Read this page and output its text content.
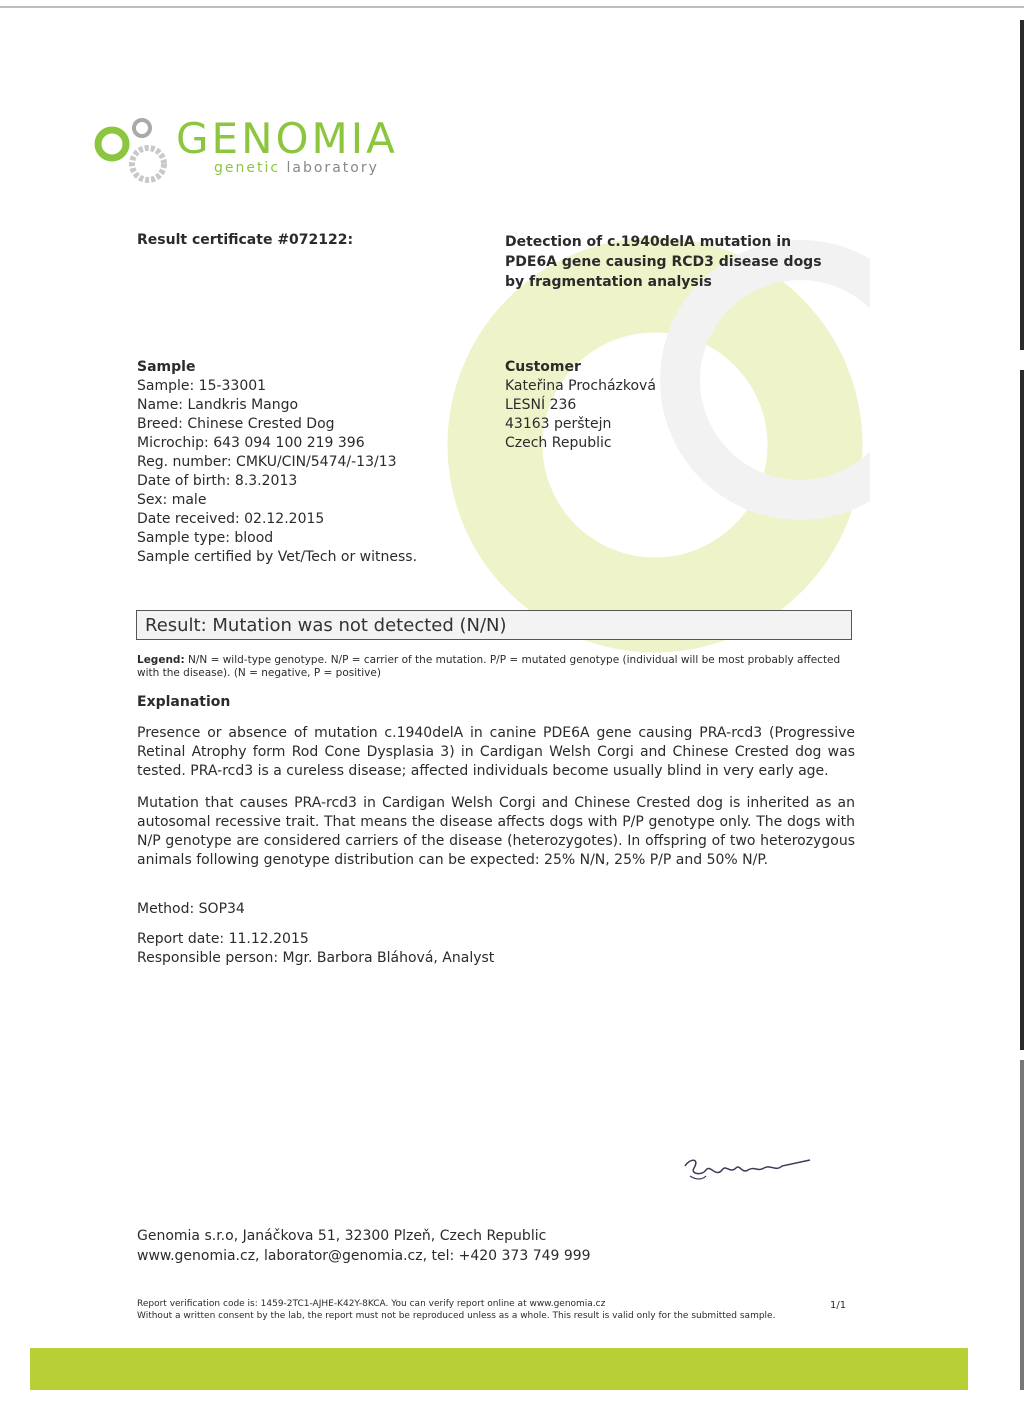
GENOMIA
genetic laboratory
Result certificate #072122:	Detection of c.1940delA mutation in PDE6A gene causing RCD3 disease dogs by fragmentation analysis
Sample
Sample: 15-33001
Name: Landkris Mango
Breed: Chinese Crested Dog
Microchip: 643 094 100 219 396
Reg. number: CMKU/CIN/5474/-13/13
Date of birth: 8.3.2013
Sex: male
Date received: 02.12.2015
Sample type: blood
Sample certified by Vet/Tech or witness.
Customer
Kateřina Procházková
LESNÍ 236
43163 perštejn
Czech Republic
Result: Mutation was not detected (N/N)
Legend: N/N = wild-type genotype. N/P = carrier of the mutation. P/P = mutated genotype (individual will be most probably affected with the disease). (N = negative, P = positive)
Explanation
Presence or absence of mutation c.1940delA in canine PDE6A gene causing PRA-rcd3 (Progressive Retinal Atrophy form Rod Cone Dysplasia 3) in Cardigan Welsh Corgi and Chinese Crested dog was tested. PRA-rcd3 is a cureless disease; affected individuals become usually blind in very early age.
Mutation that causes PRA-rcd3 in Cardigan Welsh Corgi and Chinese Crested dog is inherited as an autosomal recessive trait. That means the disease affects dogs with P/P genotype only. The dogs with N/P genotype are considered carriers of the disease (heterozygotes). In offspring of two heterozygous animals following genotype distribution can be expected: 25% N/N, 25% P/P and 50% N/P.
Method: SOP34
Report date: 11.12.2015
Responsible person: Mgr. Barbora Bláhová, Analyst
Genomia s.r.o, Janáčkova 51, 32300 Plzeň, Czech Republic
www.genomia.cz, laborator@genomia.cz, tel: +420 373 749 999
Report verification code is: 1459-2TC1-AJHE-K42Y-8KCA. You can verify report online at www.genomia.cz
Without a written consent by the lab, the report must not be reproduced unless as a whole. This result is valid only for the submitted sample.
1/1
